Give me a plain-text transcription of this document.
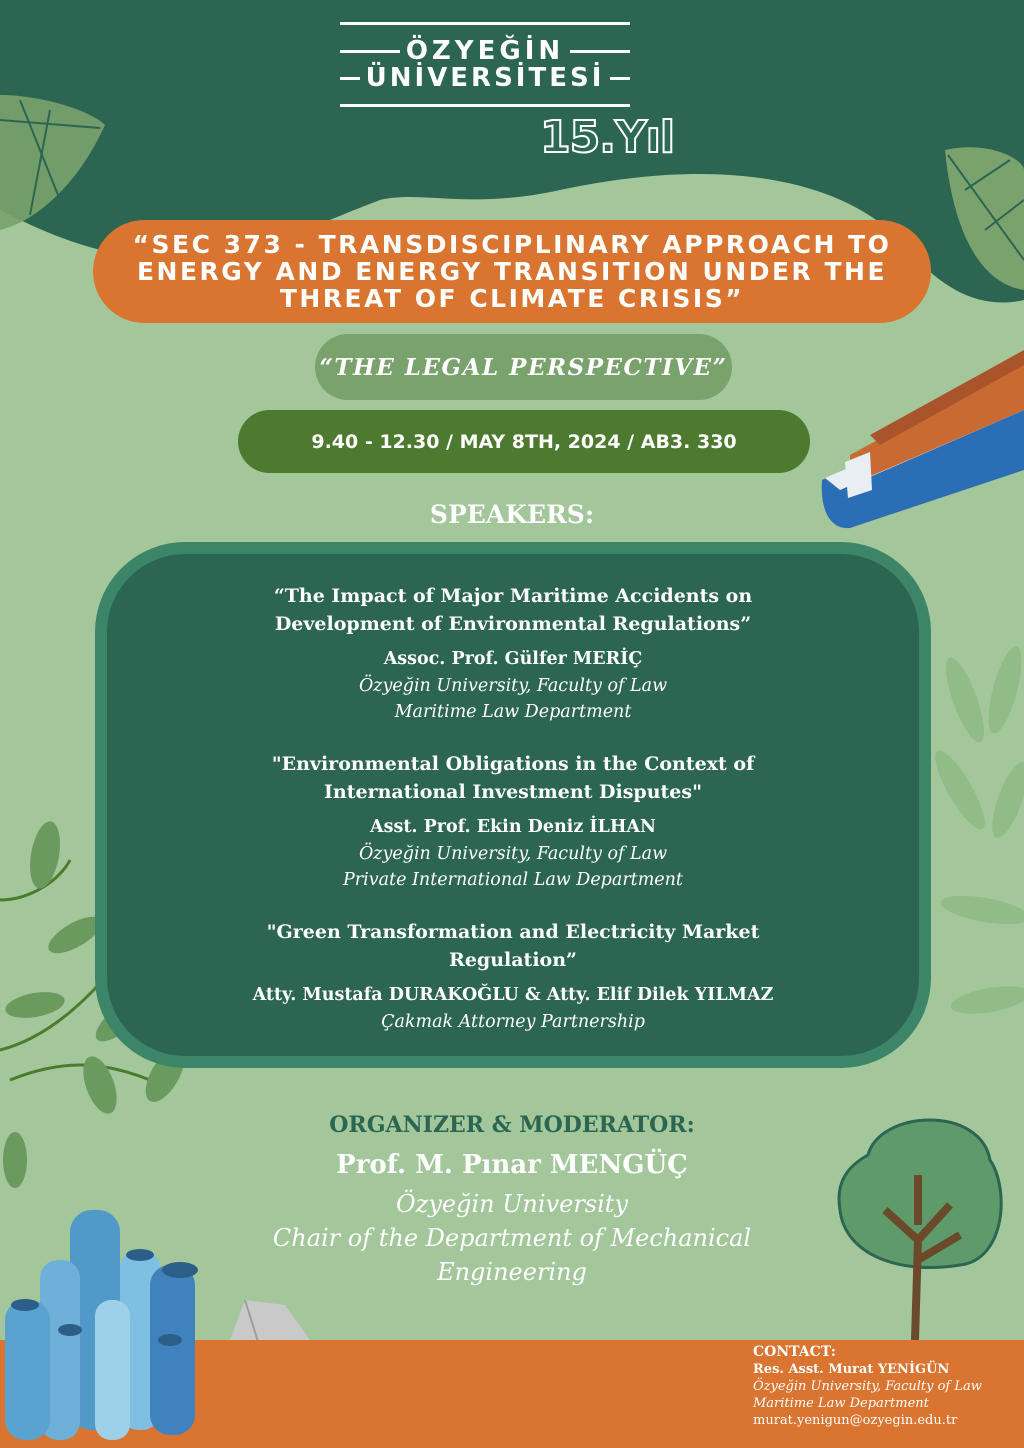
ÖZYEĞİN
ÜNİVERSİTESİ
15.Yıl
“SEC 373 - TRANSDISCIPLINARY APPROACH TO ENERGY AND ENERGY TRANSITION UNDER THE THREAT OF CLIMATE CRISIS”
“THE LEGAL PERSPECTIVE”
9.40 - 12.30 / MAY 8TH, 2024 / AB3. 330
SPEAKERS:
“The Impact of Major Maritime Accidents on Development of Environmental Regulations”
Assoc. Prof. Gülfer MERİÇ
Özyeğin University, Faculty of Law
Maritime Law Department
"Environmental Obligations in the Context of International Investment Disputes"
Asst. Prof. Ekin Deniz İLHAN
Özyeğin University, Faculty of Law
Private International Law Department
"Green Transformation and Electricity Market Regulation”
Atty. Mustafa DURAKOĞLU & Atty. Elif Dilek YILMAZ
Çakmak Attorney Partnership
ORGANIZER & MODERATOR:
Prof. M. Pınar MENGÜÇ
Özyeğin University
Chair of the Department of Mechanical
Engineering
CONTACT:
Res. Asst. Murat YENİGÜN
Özyeğin University, Faculty of Law
Maritime Law Department
murat.yenigun@ozyegin.edu.tr
